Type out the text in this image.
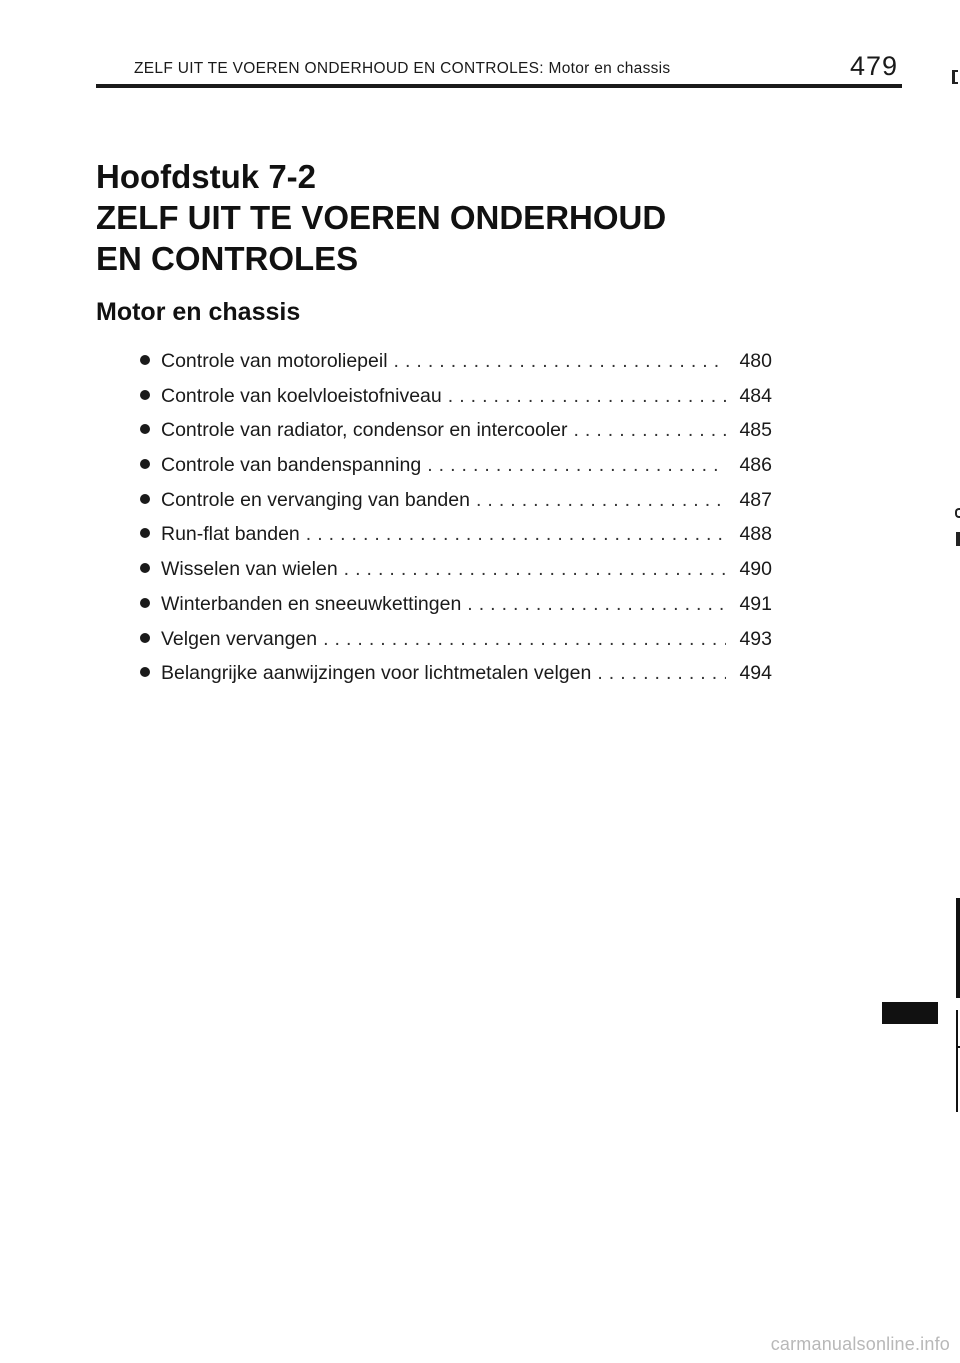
ZELF UIT TE VOEREN ONDERHOUD EN CONTROLES: Motor en chassis	479
Hoofdstuk 7-2
ZELF UIT TE VOEREN ONDERHOUD
EN CONTROLES
Motor en chassis
Controle van motoroliepeil . . .	480
Controle van koelvloeistofniveau . . .	484
Controle van radiator, condensor en intercooler . . .	485
Controle van bandenspanning . . .	486
Controle en vervanging van banden . . .	487
Run-flat banden . . .	488
Wisselen van wielen . . .	490
Winterbanden en sneeuwkettingen . . .	491
Velgen vervangen . . .	493
Belangrijke aanwijzingen voor lichtmetalen velgen . . .	494
carmanualsonline.info
